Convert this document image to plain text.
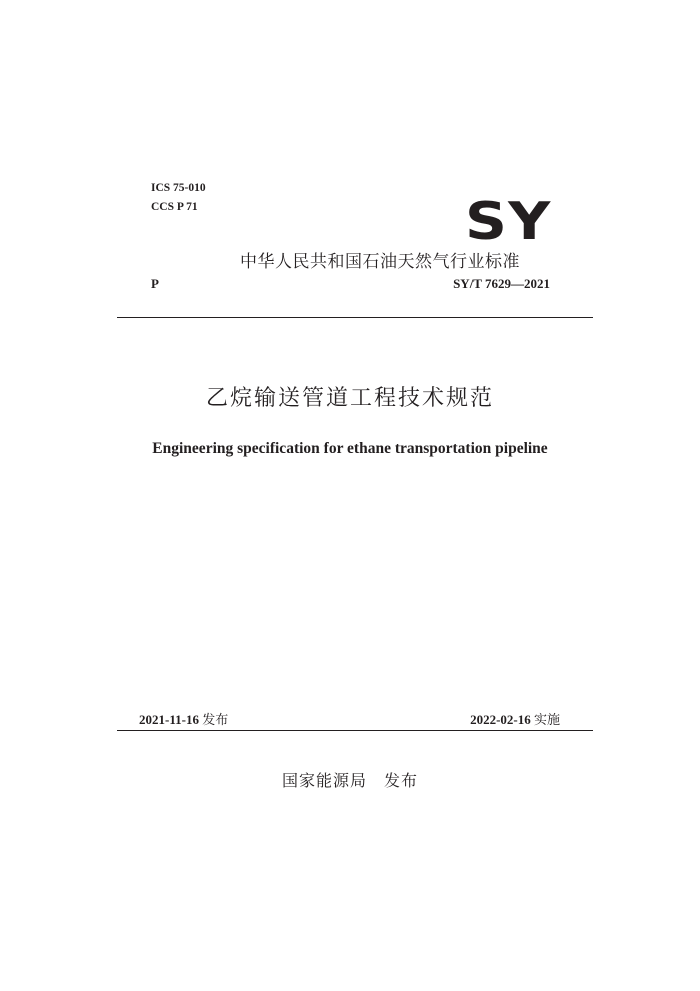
ICS 75-010
CCS P 71	SY
中华人民共和国石油天然气行业标准
P	SY/T 7629—2021
乙烷输送管道工程技术规范
Engineering specification for ethane transportation pipeline
2021-11-16 发布	2022-02-16 实施
国家能源局　发布
